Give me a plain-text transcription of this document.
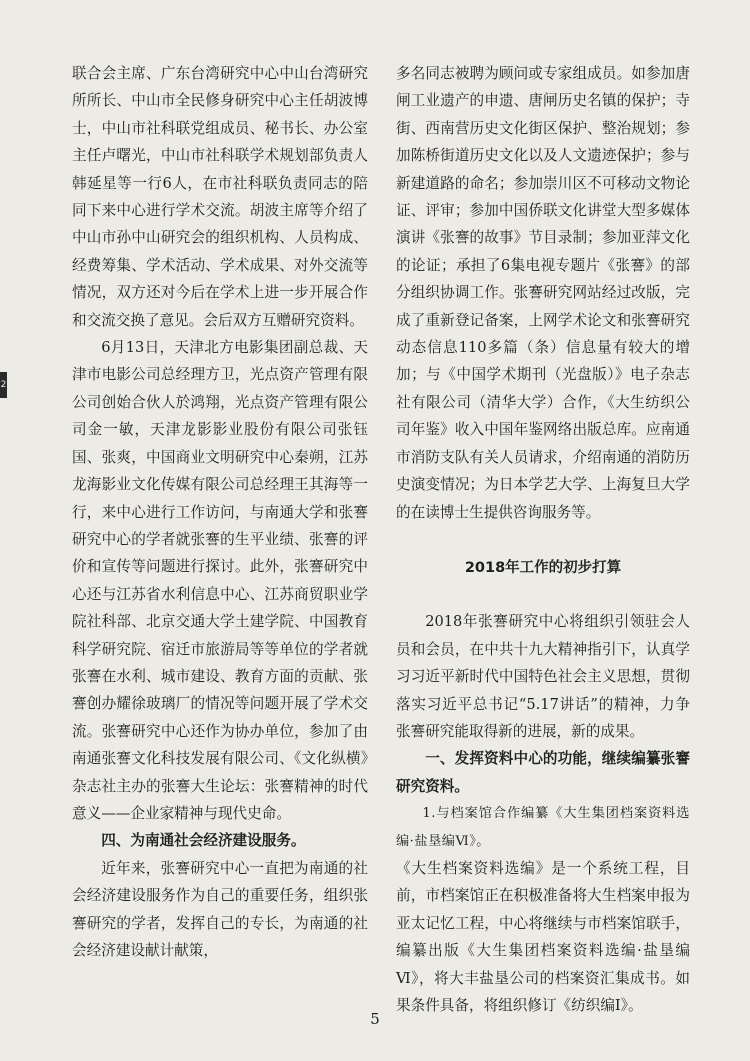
2

联合会主席、广东台湾研究中心中山台湾研究所所长、中山市全民修身研究中心主任胡波博士，中山市社科联党组成员、秘书长、办公室主任卢曙光，中山市社科联学术规划部负责人韩延星等一行6人，在市社科联负责同志的陪同下来中心进行学术交流。胡波主席等介绍了中山市孙中山研究会的组织机构、人员构成、经费筹集、学术活动、学术成果、对外交流等情况，双方还对今后在学术上进一步开展合作和交流交换了意见。会后双方互赠研究资料。

6月13日，天津北方电影集团副总裁、天津市电影公司总经理方卫，光点资产管理有限公司创始合伙人於鸿翔，光点资产管理有限公司金一敏，天津龙影影业股份有限公司张钰国、张爽，中国商业文明研究中心秦朔，江苏龙海影业文化传媒有限公司总经理王其海等一行，来中心进行工作访问，与南通大学和张謇研究中心的学者就张謇的生平业绩、张謇的评价和宣传等问题进行探讨。此外，张謇研究中心还与江苏省水利信息中心、江苏商贸职业学院社科部、北京交通大学土建学院、中国教育科学研究院、宿迁市旅游局等等单位的学者就张謇在水利、城市建设、教育方面的贡献、张謇创办耀徐玻璃厂的情况等问题开展了学术交流。张謇研究中心还作为协办单位，参加了由南通张謇文化科技发展有限公司、《文化纵横》杂志社主办的张謇大生论坛：张謇精神的时代意义——企业家精神与现代史命。

四、为南通社会经济建设服务。

近年来，张謇研究中心一直把为南通的社会经济建设服务作为自己的重要任务，组织张謇研究的学者，发挥自己的专长，为南通的社会经济建设献计献策，

多名同志被聘为顾问或专家组成员。如参加唐闸工业遗产的申遗、唐闸历史名镇的保护；寺街、西南营历史文化街区保护、整治规划；参加陈桥街道历史文化以及人文遗迹保护；参与新建道路的命名；参加崇川区不可移动文物论证、评审；参加中国侨联文化讲堂大型多媒体演讲《张謇的故事》节目录制；参加亚萍文化的论证；承担了6集电视专题片《张謇》的部分组织协调工作。张謇研究网站经过改版，完成了重新登记备案，上网学术论文和张謇研究动态信息110多篇（条）信息量有较大的增加；与《中国学术期刊（光盘版）》电子杂志社有限公司（清华大学）合作，《大生纺织公司年鉴》收入中国年鉴网络出版总库。应南通市消防支队有关人员请求，介绍南通的消防历史演变情况；为日本学艺大学、上海复旦大学的在读博士生提供咨询服务等。

2018年工作的初步打算

2018年张謇研究中心将组织引领驻会人员和会员，在中共十九大精神指引下，认真学习习近平新时代中国特色社会主义思想，贯彻落实习近平总书记“5.17讲话”的精神，力争张謇研究能取得新的进展，新的成果。

一、发挥资料中心的功能，继续编纂张謇研究资料。

1.与档案馆合作编纂《大生集团档案资料选编·盐垦编Ⅵ》。

《大生档案资料选编》是一个系统工程，目前，市档案馆正在积极准备将大生档案申报为亚太记忆工程，中心将继续与市档案馆联手，编纂出版《大生集团档案资料选编·盐垦编Ⅵ》，将大丰盐垦公司的档案资汇集成书。如果条件具备，将组织修订《纺织编Ⅰ》。

5
